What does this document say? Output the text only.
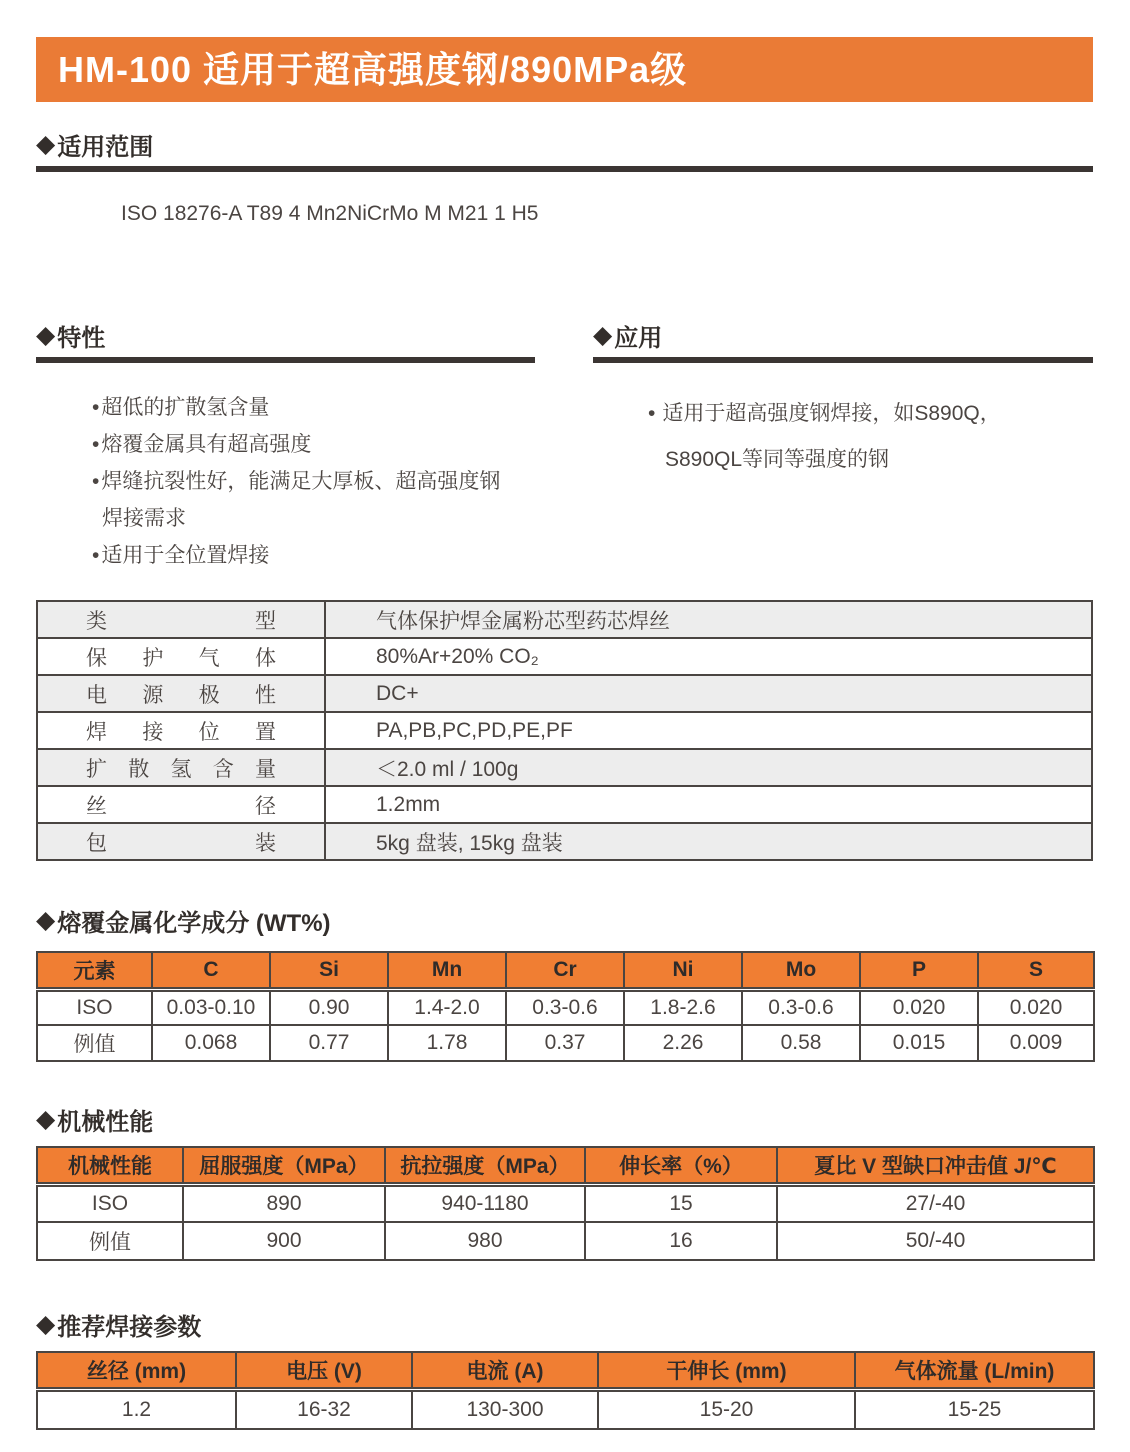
HM-100 适用于超高强度钢/890MPa级
◆ 适用范围
ISO 18276-A T89 4 Mn2NiCrMo M M21 1 H5
◆ 特性
•超低的扩散氢含量
•熔覆金属具有超高强度
•焊缝抗裂性好，能满足大厚板、超高强度钢
焊接需求
•适用于全位置焊接
◆ 应用
• 适用于超高强度钢焊接，如S890Q，
S890QL等同等强度的钢
类型	气体保护焊金属粉芯型药芯焊丝
保护气体	80%Ar+20% CO₂
电源极性	DC+
焊接位置	PA,PB,PC,PD,PE,PF
扩散氢含量	＜2.0 ml / 100g
丝径	1.2mm
包装	5kg 盘装, 15kg 盘装
◆ 熔覆金属化学成分 (WT%)
元素	C	Si	Mn	Cr	Ni	Mo	P	S
ISO	0.03-0.10	0.90	1.4-2.0	0.3-0.6	1.8-2.6	0.3-0.6	0.020	0.020
例值	0.068	0.77	1.78	0.37	2.26	0.58	0.015	0.009
◆ 机械性能
机械性能	屈服强度（MPa）	抗拉强度（MPa）	伸长率（%）	夏比 V 型缺口冲击值 J/℃
ISO	890	940-1180	15	27/-40
例值	900	980	16	50/-40
◆ 推荐焊接参数
丝径 (mm)	电压 (V)	电流 (A)	干伸长 (mm)	气体流量 (L/min)
1.2	16-32	130-300	15-20	15-25
